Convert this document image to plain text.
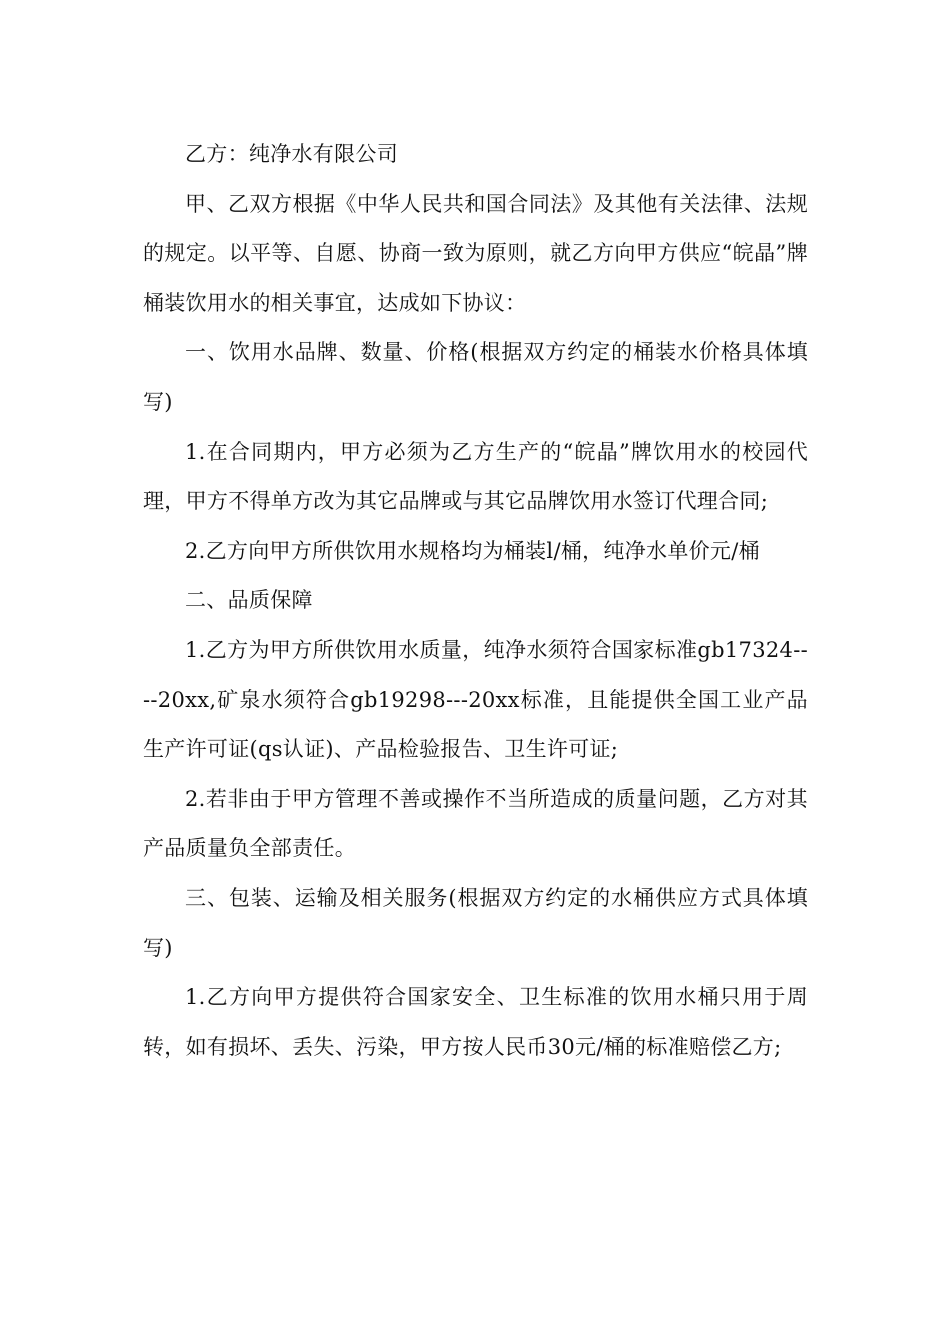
乙方：纯净水有限公司

甲、乙双方根据《中华人民共和国合同法》及其他有关法律、法规的规定。以平等、自愿、协商一致为原则，就乙方向甲方供应“皖晶”牌桶装饮用水的相关事宜，达成如下协议：

一、饮用水品牌、数量、价格(根据双方约定的桶装水价格具体填写)

1.在合同期内，甲方必须为乙方生产的“皖晶”牌饮用水的校园代理，甲方不得单方改为其它品牌或与其它品牌饮用水签订代理合同;

2.乙方向甲方所供饮用水规格均为桶装l/桶，纯净水单价元/桶

二、品质保障

1.乙方为甲方所供饮用水质量，纯净水须符合国家标准gb17324----20xx,矿泉水须符合gb19298---20xx标准，且能提供全国工业产品生产许可证(qs认证)、产品检验报告、卫生许可证;

2.若非由于甲方管理不善或操作不当所造成的质量问题，乙方对其产品质量负全部责任。

三、包装、运输及相关服务(根据双方约定的水桶供应方式具体填写)

1.乙方向甲方提供符合国家安全、卫生标准的饮用水桶只用于周转，如有损坏、丢失、污染，甲方按人民币30元/桶的标准赔偿乙方;
